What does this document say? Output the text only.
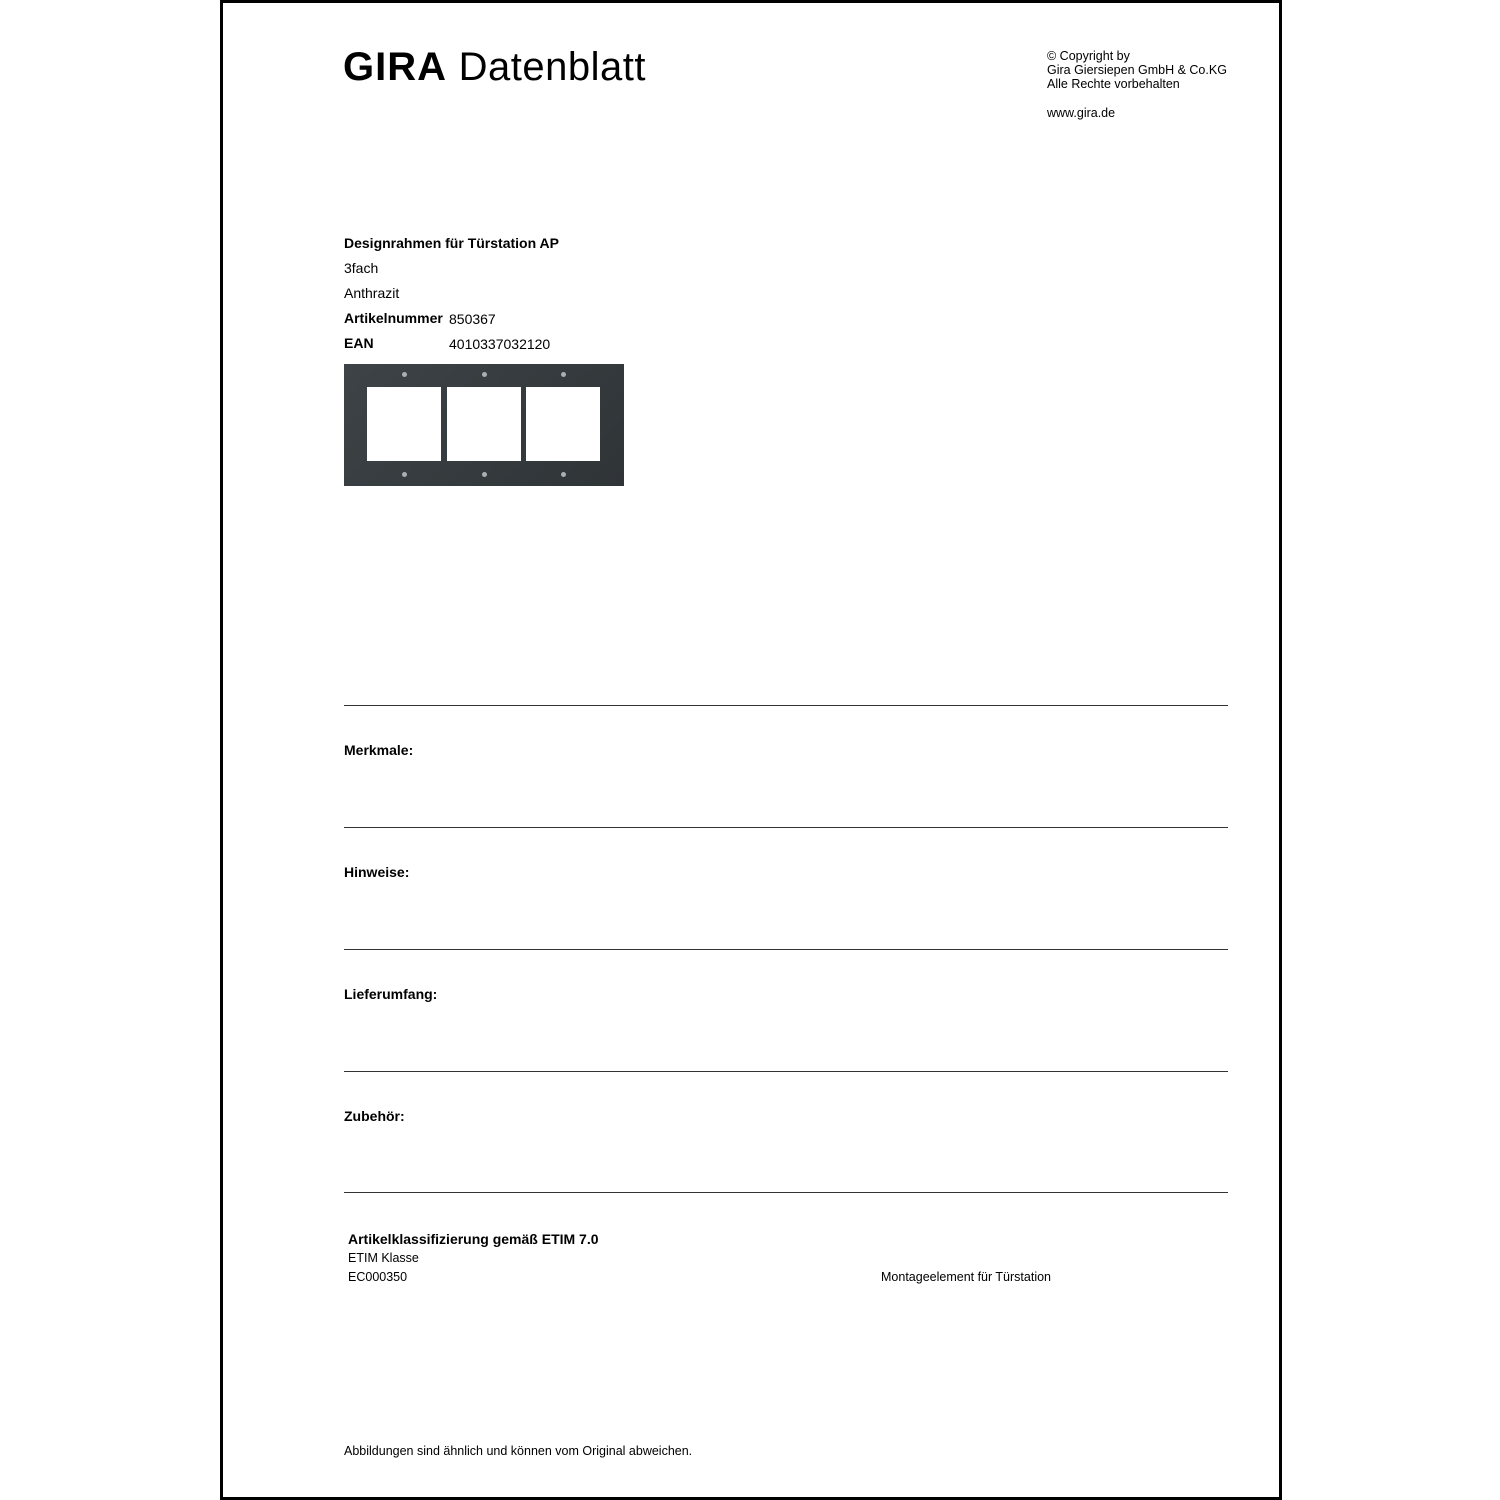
GIRA Datenblatt	© Copyright by
Gira Giersiepen GmbH & Co.KG
Alle Rechte vorbehalten
www.gira.de
Designrahmen für Türstation AP
3fach
Anthrazit
Artikelnummer 850367
EAN	4010337032120
Merkmale:
Hinweise:
Lieferumfang:
Zubehör:
Artikelklassifizierung gemäß ETIM 7.0
ETIM Klasse
EC000350	Montageelement für Türstation
Abbildungen sind ähnlich und können vom Original abweichen.
